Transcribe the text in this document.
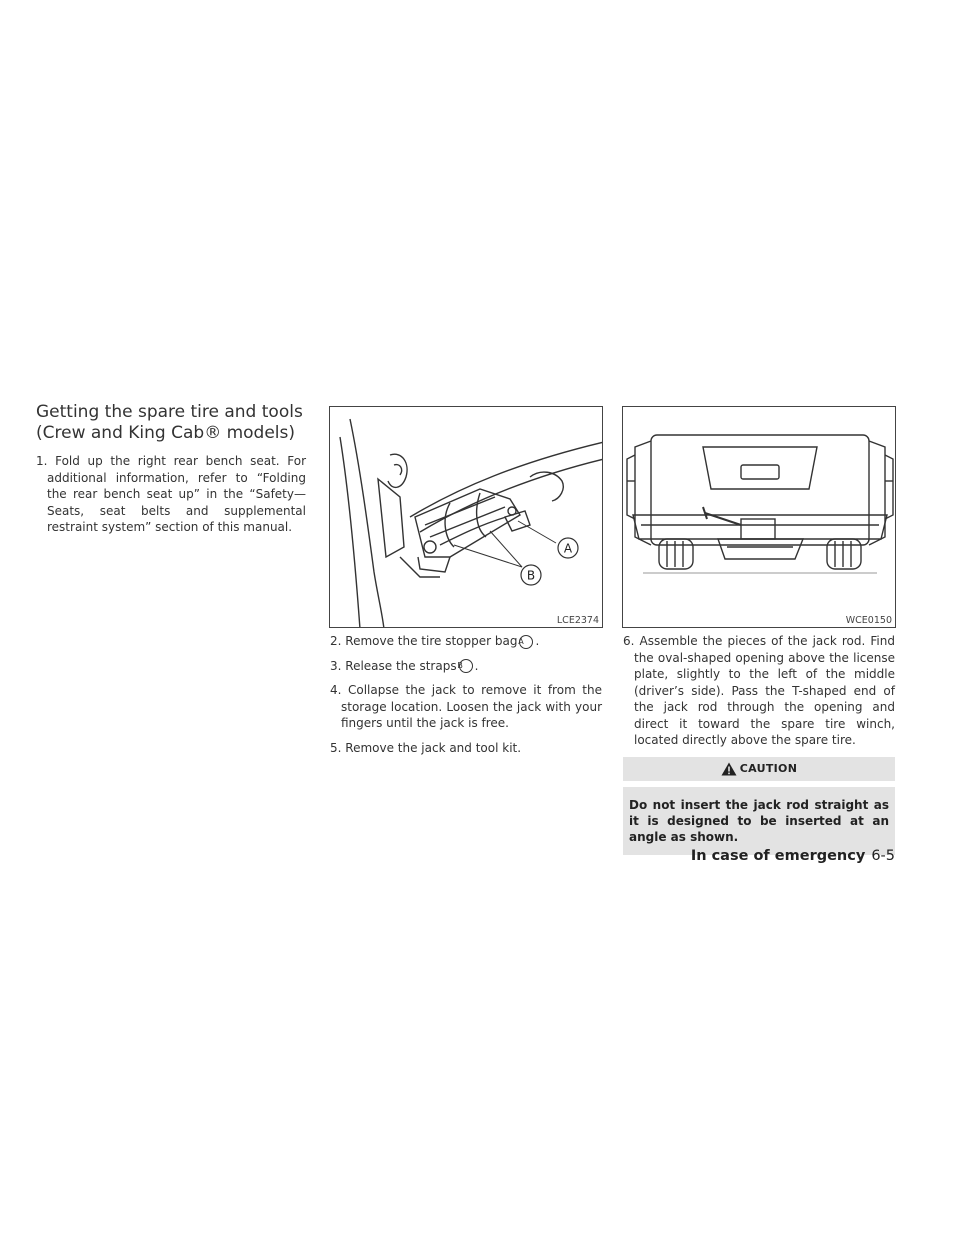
Getting the spare tire and tools
(Crew and King Cab® models)

1. Fold up the right rear bench seat. For additional information, refer to “Folding the rear bench seat up” in the “Safety—Seats, seat belts and supplemental restraint system” section of this manual.

A
B
LCE2374	WCE0150

2. Remove the tire stopper bagA .

3. Release the strapsB .

4. Collapse the jack to remove it from the storage location. Loosen the jack with your fingers until the jack is free.

5. Remove the jack and tool kit.

6. Assemble the pieces of the jack rod. Find the oval-shaped opening above the license plate, slightly to the left of the middle (driver’s side). Pass the T-shaped end of the jack rod through the opening and direct it toward the spare tire winch, located directly above the spare tire.

CAUTION
Do not insert the jack rod straight as it is designed to be inserted at an angle as shown.
In case of emergency 6-5
